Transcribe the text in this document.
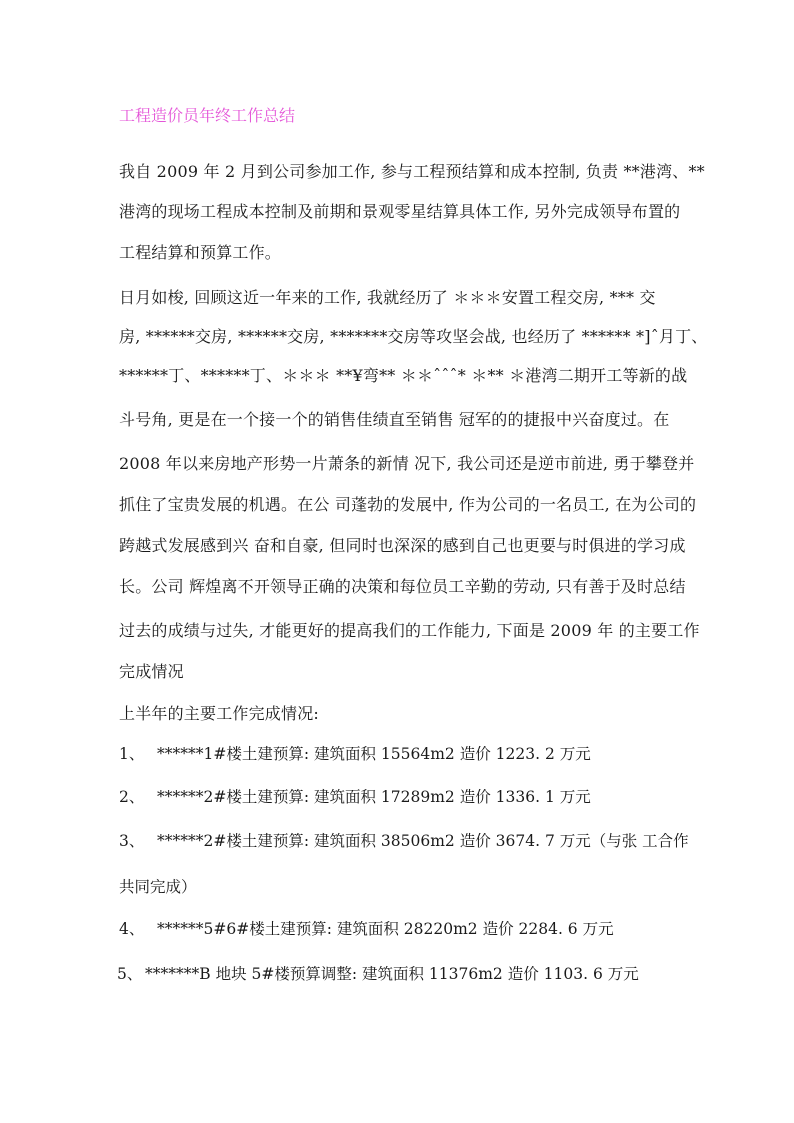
工程造价员年终工作总结
我自 2009 年 2 月到公司参加工作, 参与工程预结算和成本控制, 负责 **港湾、**
港湾的现场工程成本控制及前期和景观零星结算具体工作, 另外完成领导布置的
工程结算和预算工作。
日月如梭, 回顾这近一年来的工作, 我就经历了 ＊＊＊安置工程交房, *** 交
房, ******交房, ******交房, *******交房等攻坚会战, 也经历了 ****** *]ˆ月丁、
******丁、******丁、＊＊＊ **¥弯** ＊＊ˆˆˆ* ＊** ＊港湾二期开工等新的战
斗号角, 更是在一个接一个的销售佳绩直至销售 冠军的的捷报中兴奋度过。在
2008 年以来房地产形势一片萧条的新情 况下, 我公司还是逆市前进, 勇于攀登并
抓住了宝贵发展的机遇。在公 司蓬勃的发展中, 作为公司的一名员工, 在为公司的
跨越式发展感到兴 奋和自豪, 但同时也深深的感到自己也更要与时俱进的学习成
长。公司 辉煌离不开领导正确的决策和每位员工辛勤的劳动, 只有善于及时总结
过去的成绩与过失, 才能更好的提高我们的工作能力, 下面是 2009 年 的主要工作
完成情况
上半年的主要工作完成情况:
1、 ******1#楼土建预算: 建筑面积 15564m2 造价 1223. 2 万元
2、 ******2#楼土建预算: 建筑面积 17289m2 造价 1336. 1 万元
3、 ******2#楼土建预算: 建筑面积 38506m2 造价 3674. 7 万元（与张 工合作
共同完成）
4、 ******5#6#楼土建预算: 建筑面积 28220m2 造价 2284. 6 万元
5、 *******B 地块 5#楼预算调整: 建筑面积 11376m2 造价 1103. 6 万元
